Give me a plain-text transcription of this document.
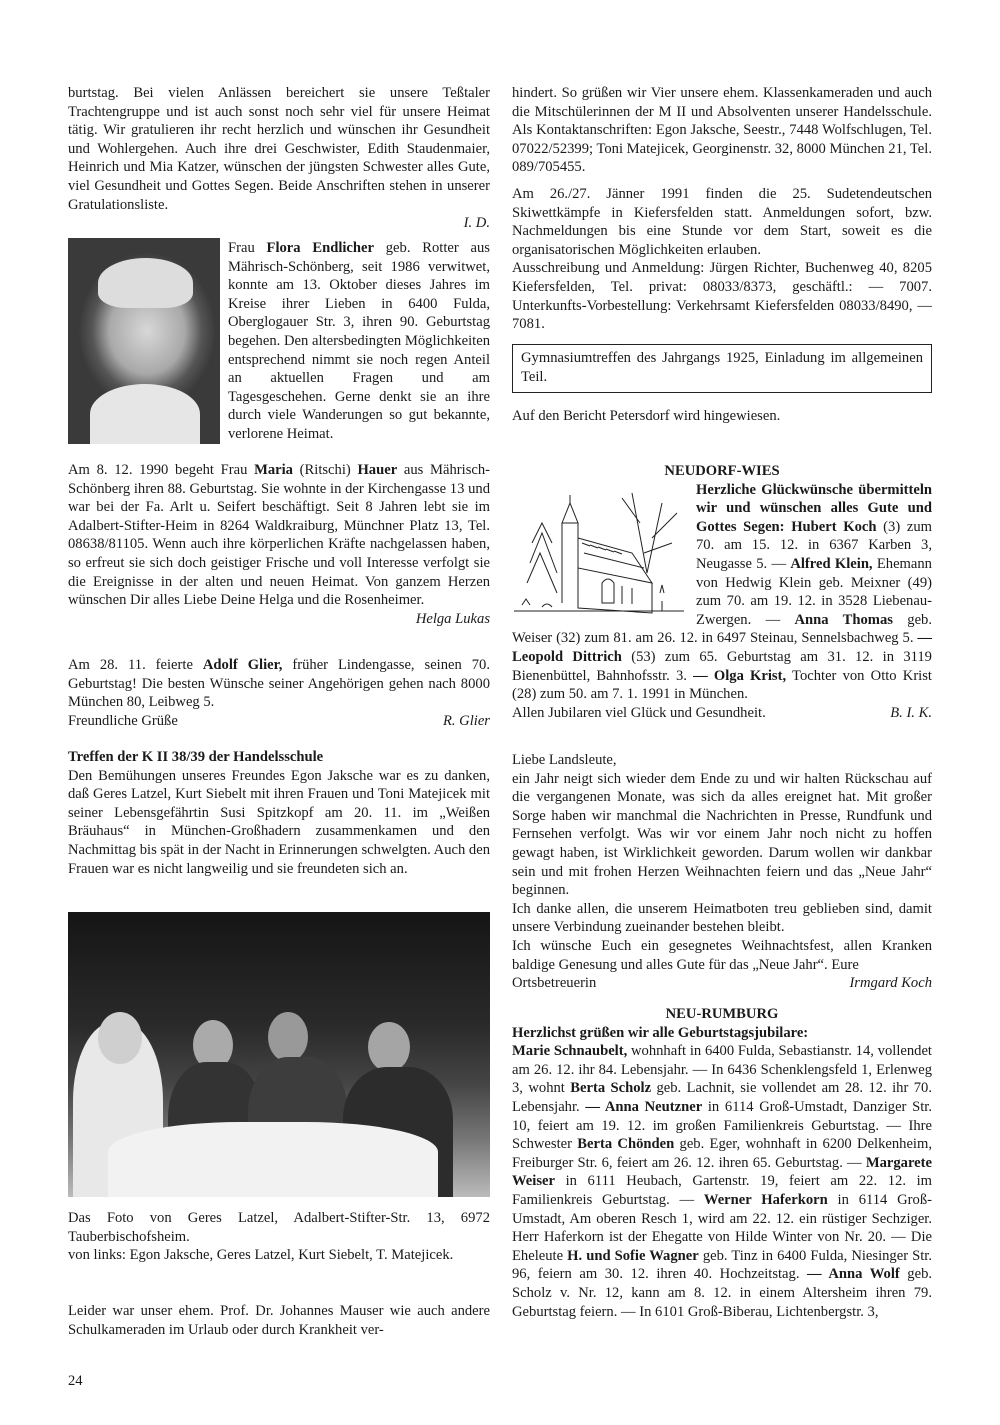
burtstag. Bei vielen Anlässen bereichert sie unsere Teßtaler Trachtengruppe und ist auch sonst noch sehr viel für unsere Heimat tätig. Wir gratulieren ihr recht herzlich und wünschen ihr Gesundheit und Wohlergehen. Auch ihre drei Geschwister, Edith Staudenmaier, Heinrich und Mia Katzer, wünschen der jüngsten Schwester alles Gute, viel Gesundheit und Gottes Segen. Beide Anschriften stehen in unserer Gratulationsliste.

I. D.

Frau Flora Endlicher geb. Rotter aus Mährisch-Schönberg, seit 1986 verwitwet, konnte am 13. Oktober dieses Jahres im Kreise ihrer Lieben in 6400 Fulda, Oberglogauer Str. 3, ihren 90. Geburtstag begehen. Den altersbedingten Möglichkeiten entsprechend nimmt sie noch regen Anteil an aktuellen Fragen und am Tagesgeschehen. Gerne denkt sie an ihre durch viele Wanderungen so gut bekannte, verlorene Heimat.

Am 8. 12. 1990 begeht Frau Maria (Ritschi) Hauer aus Mährisch-Schönberg ihren 88. Geburtstag. Sie wohnte in der Kirchengasse 13 und war bei der Fa. Arlt u. Seifert beschäftigt. Seit 8 Jahren lebt sie im Adalbert-Stifter-Heim in 8264 Waldkraiburg, Münchner Platz 13, Tel. 08638/81105. Wenn auch ihre körperlichen Kräfte nachgelassen haben, so erfreut sie sich doch geistiger Frische und voll Interesse verfolgt sie die Ereignisse in der alten und neuen Heimat. Von ganzem Herzen wünschen Dir alles Liebe Deine Helga und die Rosenheimer.

Helga Lukas

Am 28. 11. feierte Adolf Glier, früher Lindengasse, seinen 70. Geburtstag! Die besten Wünsche seiner Angehörigen gehen nach 8000 München 80, Leibweg 5.

Freundliche Grüße	R. Glier

Treffen der K II 38/39 der Handelsschule

Den Bemühungen unseres Freundes Egon Jaksche war es zu danken, daß Geres Latzel, Kurt Siebelt mit ihren Frauen und Toni Matejicek mit seiner Lebensgefährtin Susi Spitzkopf am 20. 11. im „Weißen Bräuhaus“ in München-Großhadern zusammenkamen und den Nachmittag bis spät in der Nacht in Erinnerungen schwelgten. Auch den Frauen war es nicht langweilig und sie freundeten sich an.

Das Foto von Geres Latzel, Adalbert-Stifter-Str. 13, 6972 Tauberbischofsheim.

von links: Egon Jaksche, Geres Latzel, Kurt Siebelt, T. Matejicek.

Leider war unser ehem. Prof. Dr. Johannes Mauser wie auch andere Schulkameraden im Urlaub oder durch Krankheit ver-

24

hindert. So grüßen wir Vier unsere ehem. Klassenkameraden und auch die Mitschülerinnen der M II und Absolventen unserer Handelsschule. Als Kontaktanschriften: Egon Jaksche, Seestr., 7448 Wolfschlugen, Tel. 07022/52399; Toni Matejicek, Georginenstr. 32, 8000 München 21, Tel. 089/705455.

Am 26./27. Jänner 1991 finden die 25. Sudetendeutschen Skiwettkämpfe in Kiefersfelden statt. Anmeldungen sofort, bzw. Nachmeldungen bis eine Stunde vor dem Start, soweit es die organisatorischen Möglichkeiten erlauben.

Ausschreibung und Anmeldung: Jürgen Richter, Buchenweg 40, 8205 Kiefersfelden, Tel. privat: 08033/8373, geschäftl.: — 7007. Unterkunfts-Vorbestellung: Verkehrsamt Kiefersfelden 08033/8490, — 7081.

Gymnasiumtreffen des Jahrgangs 1925, Einladung im allgemeinen Teil.

Auf den Bericht Petersdorf wird hingewiesen.

NEUDORF-WIES

Herzliche Glückwünsche übermitteln wir und wünschen alles Gute und Gottes Segen: Hubert Koch (3) zum 70. am 15. 12. in 6367 Karben 3, Neugasse 5. — Alfred Klein, Ehemann von Hedwig Klein geb. Meixner (49) zum 70. am 19. 12. in 3528 Liebenau-Zwergen. — Anna Thomas geb. Weiser (32) zum 81. am 26. 12. in 6497 Steinau, Sennelsbachweg 5. — Leopold Dittrich (53) zum 65. Geburtstag am 31. 12. in 3119 Bienenbüttel, Bahnhofsstr. 3. — Olga Krist, Tochter von Otto Krist (28) zum 50. am 7. 1. 1991 in München.

Allen Jubilaren viel Glück und Gesundheit.	B. I. K.

Liebe Landsleute,

ein Jahr neigt sich wieder dem Ende zu und wir halten Rückschau auf die vergangenen Monate, was sich da alles ereignet hat. Mit großer Sorge haben wir manchmal die Nachrichten in Presse, Rundfunk und Fernsehen verfolgt. Was wir vor einem Jahr noch nicht zu hoffen gewagt haben, ist Wirklichkeit geworden. Darum wollen wir dankbar sein und mit frohen Herzen Weihnachten feiern und das „Neue Jahr“ beginnen.

Ich danke allen, die unserem Heimatboten treu geblieben sind, damit unsere Verbindung zueinander bestehen bleibt.

Ich wünsche Euch ein gesegnetes Weihnachtsfest, allen Kranken baldige Genesung und alles Gute für das „Neue Jahr“. Eure

Ortsbetreuerin	Irmgard Koch

NEU-RUMBURG

Herzlichst grüßen wir alle Geburtstagsjubilare:

Marie Schnaubelt, wohnhaft in 6400 Fulda, Sebastianstr. 14, vollendet am 26. 12. ihr 84. Lebensjahr. — In 6436 Schenklengsfeld 1, Erlenweg 3, wohnt Berta Scholz geb. Lachnit, sie vollendet am 28. 12. ihr 70. Lebensjahr. — Anna Neutzner in 6114 Groß-Umstadt, Danziger Str. 10, feiert am 19. 12. im großen Familienkreis Geburtstag. — Ihre Schwester Berta Chönden geb. Eger, wohnhaft in 6200 Delkenheim, Freiburger Str. 6, feiert am 26. 12. ihren 65. Geburtstag. — Margarete Weiser in 6111 Heubach, Gartenstr. 19, feiert am 22. 12. im Familienkreis Geburtstag. — Werner Haferkorn in 6114 Groß-Umstadt, Am oberen Resch 1, wird am 22. 12. ein rüstiger Sechziger. Herr Haferkorn ist der Ehegatte von Hilde Winter von Nr. 20. — Die Eheleute H. und Sofie Wagner geb. Tinz in 6400 Fulda, Niesinger Str. 96, feiern am 30. 12. ihren 40. Hochzeitstag. — Anna Wolf geb. Scholz v. Nr. 12, kann am 8. 12. in einem Altersheim ihren 79. Geburtstag feiern. — In 6101 Groß-Biberau, Lichtenbergstr. 3,
